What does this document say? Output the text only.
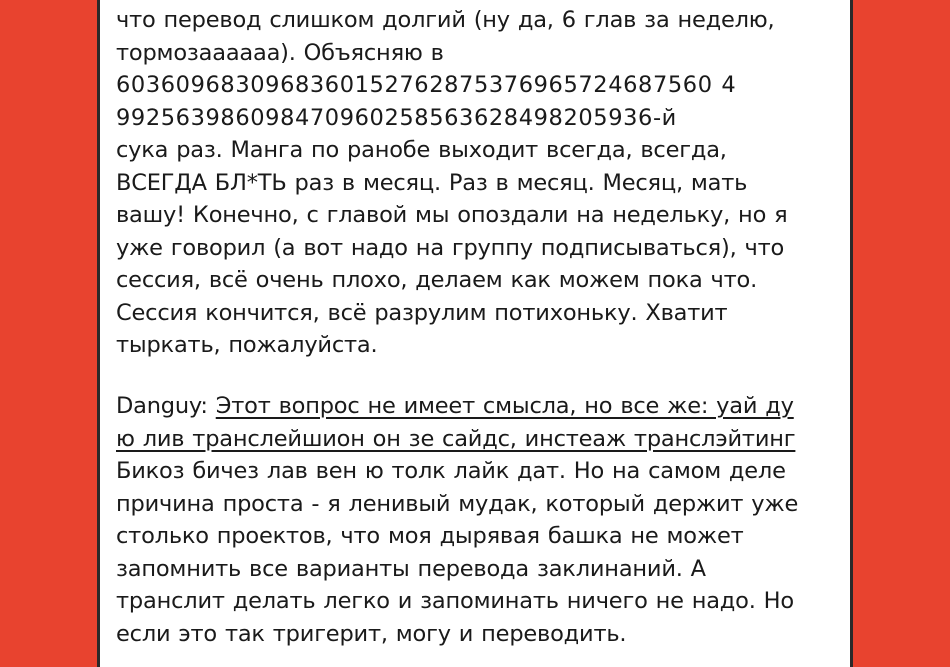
что перевод слишком долгий (ну да, 6 глав за неделю,
тормозаааааа). Объясняю в
6036096830968360152762875376965724687560 4
992563986098470960258563628498205936-й
сука раз. Манга по ранобе выходит всегда, всегда,
ВСЕГДА БЛ*ТЬ раз в месяц. Раз в месяц. Месяц, мать
вашу! Конечно, с главой мы опоздали на недельку, но я
уже говорил (а вот надо на группу подписываться), что
сессия, всё очень плохо, делаем как можем пока что.
Сессия кончится, всё разрулим потихоньку. Хватит
тыркать, пожалуйста.
Danguy: Этот вопрос не имеет смысла, но все же: уай ду
ю лив транслейшион он зе сайдс, инстеаж транслэйтинг
Бикоз бичез лав вен ю толк лайк дат. Но на самом деле
причина проста - я ленивый мудак, который держит уже
столько проектов, что моя дырявая башка не может
запомнить все варианты перевода заклинаний. А
транслит делать легко и запоминать ничего не надо. Но
если это так тригерит, могу и переводить.
